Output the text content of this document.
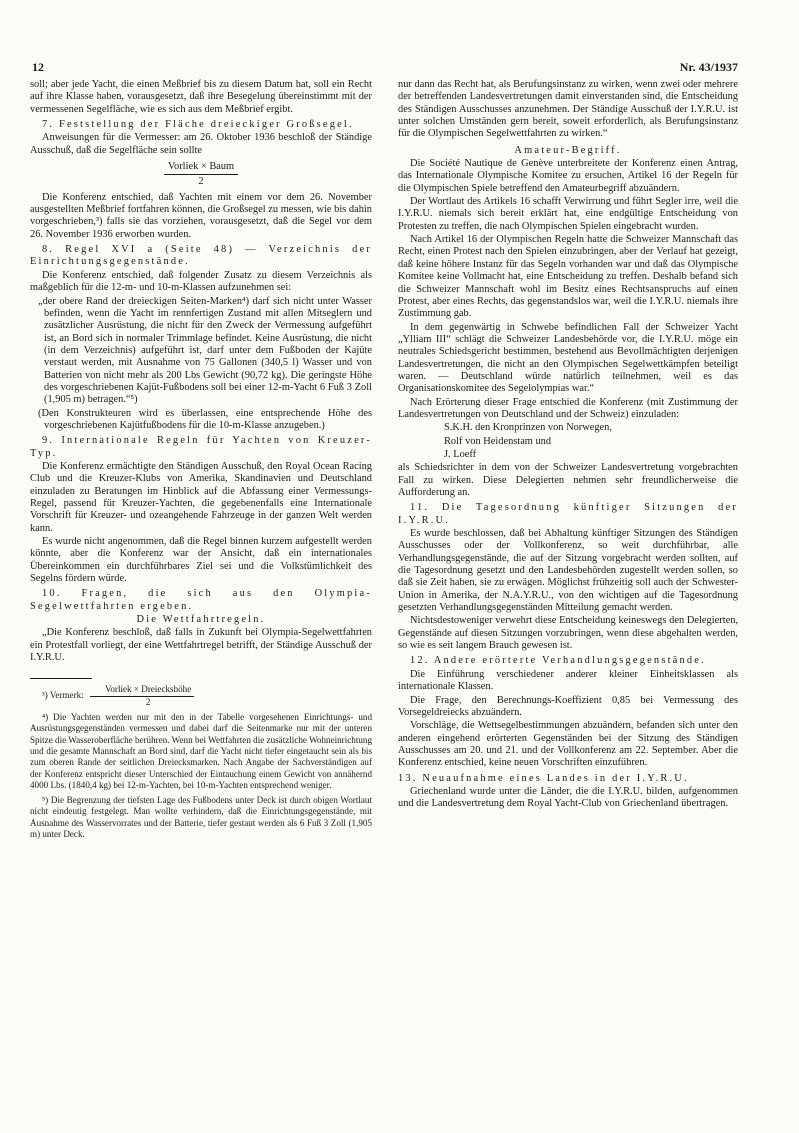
12	Nr. 43/1937

soll; aber jede Yacht, die einen Meßbrief bis zu diesem Datum hat, soll ein Recht auf ihre Klasse haben, vorausgesetzt, daß ihre Besegelung übereinstimmt mit der vermessenen Segelfläche, wie es sich aus dem Meßbrief ergibt.

7. Feststellung der Fläche dreieckiger Großsegel.

Anweisungen für die Vermesser: am 26. Oktober 1936 beschloß der Ständige Ausschuß, daß die Segelfläche sein sollte

Vorliek × Baum
2

Die Konferenz entschied, daß Yachten mit einem vor dem 26. November ausgestellten Meßbrief fortfahren können, die Großsegel zu messen, wie bis dahin vorgeschrieben,³) falls sie das vorziehen, vorausgesetzt, daß die Segel vor dem 26. November 1936 erworben wurden.

8. Regel XVI a (Seite 48) — Verzeichnis der Einrichtungsgegenstände.

Die Konferenz entschied, daß folgender Zusatz zu diesem Verzeichnis als maßgeblich für die 12-m- und 10-m-Klassen aufzunehmen sei:

„der obere Rand der dreieckigen Seiten-Marken⁴) darf sich nicht unter Wasser befinden, wenn die Yacht im rennfertigen Zustand mit allen Mitseglern und zusätzlicher Ausrüstung, die nicht für den Zweck der Vermessung aufgeführt ist, an Bord sich in normaler Trimmlage befindet. Keine Ausrüstung, die nicht (in dem Verzeichnis) aufgeführt ist, darf unter dem Fußboden der Kajüte verstaut werden, mit Ausnahme von 75 Gallonen (340,5 l) Wasser und von Batterien von nicht mehr als 200 Lbs Gewicht (90,72 kg). Die geringste Höhe des vorgeschriebenen Kajüt-Fußbodens soll bei einer 12-m-Yacht 6 Fuß 3 Zoll (1,905 m) betragen.“⁵)

(Den Konstrukteuren wird es überlassen, eine entsprechende Höhe des vorgeschriebenen Kajütfußbodens für die 10-m-Klasse anzugeben.)

9. Internationale Regeln für Yachten von Kreuzer-Typ.

Die Konferenz ermächtigte den Ständigen Ausschuß, den Royal Ocean Racing Club und die Kreuzer-Klubs von Amerika, Skandinavien und Deutschland einzuladen zu Beratungen im Hinblick auf die Abfassung einer Vermessungs-Regel, passend für Kreuzer-Yachten, die gegebenenfalls eine Internationale Vorschrift für Kreuzer- und ozeangehende Fahrzeuge in der ganzen Welt werden kann.

Es wurde nicht angenommen, daß die Regel binnen kurzem aufgestellt werden könnte, aber die Konferenz war der Ansicht, daß ein internationales Übereinkommen ein durchführbares Ziel sei und die Volkstümlichkeit des Segelns fördern würde.

10. Fragen, die sich aus den Olympia-Segelwettfahrten ergeben.

Die Wettfahrtregeln.

„Die Konferenz beschloß, daß falls in Zukunft bei Olympia-Segelwettfahrten ein Protestfall vorliegt, der eine Wettfahrtregel betrifft, der Ständige Ausschuß der I.Y.R.U.

³) Vermerk: $\frac{\text{Vorliek × Dreieckshöhe}}{2}$

⁴) Die Yachten werden nur mit den in der Tabelle vorgesehenen Einrichtungs- und Ausrüstungsgegenständen vermessen und dabei darf die Seitenmarke nur mit der unteren Spitze die Wasseroberfläche berühren. Wenn bei Wettfahrten die zusätzliche Wohneinrichtung und die gesamte Mannschaft an Bord sind, darf die Yacht nicht tiefer eingetaucht sein als bis zum oberen Rande der seitlichen Dreiecksmarken. Nach Angabe der Sachverständigen auf der Konferenz entspricht dieser Unterschied der Eintauchung einem Gewicht von annähernd 4000 Lbs. (1840,4 kg) bei 12-m-Yachten, bei 10-m-Yachten entsprechend weniger.

⁵) Die Begrenzung der tiefsten Lage des Fußbodens unter Deck ist durch obigen Wortlaut nicht eindeutig festgelegt. Man wollte verhindern, daß die Einrichtungsgegenstände, mit Ausnahme des Wasservorrates und der Batterie, tiefer gestaut werden als 6 Fuß 3 Zoll (1,905 m) unter Deck.

nur dann das Recht hat, als Berufungsinstanz zu wirken, wenn zwei oder mehrere der betreffenden Landesvertretungen damit einverstanden sind, die Entscheidung des Ständigen Ausschusses anzunehmen. Der Ständige Ausschuß der I.Y.R.U. ist unter solchen Umständen gern bereit, soweit erforderlich, als Berufungsinstanz für die Olympischen Segelwettfahrten zu wirken.“

Amateur-Begriff.

Die Société Nautique de Genève unterbreitete der Konferenz einen Antrag, das Internationale Olympische Komitee zu ersuchen, Artikel 16 der Regeln für die Olympischen Spiele betreffend den Amateurbegriff abzuändern.

Der Wortlaut des Artikels 16 schafft Verwirrung und führt Segler irre, weil die I.Y.R.U. niemals sich bereit erklärt hat, eine endgültige Entscheidung von Protesten zu treffen, die nach Olympischen Spielen eingebracht wurden.

Nach Artikel 16 der Olympischen Regeln hatte die Schweizer Mannschaft das Recht, einen Protest nach den Spielen einzubringen, aber der Verlauf hat gezeigt, daß keine höhere Instanz für das Segeln vorhanden war und daß das Olympische Komitee keine Vollmacht hat, eine Entscheidung zu treffen. Deshalb befand sich die Schweizer Mannschaft wohl im Besitz eines Rechtsanspruchs auf einen Protest, aber eines Rechts, das gegenstandslos war, weil die I.Y.R.U. niemals ihre Zustimmung gab.

In dem gegenwärtig in Schwebe befindlichen Fall der Schweizer Yacht „Ylliam III“ schlägt die Schweizer Landesbehörde vor, die I.Y.R.U. möge ein neutrales Schiedsgericht bestimmen, bestehend aus Bevollmächtigten derjenigen Landesvertretungen, die nicht an den Olympischen Segelwettkämpfen beteiligt waren. — Deutschland würde natürlich teilnehmen, weil es das Organisationskomitee des Segelolympias war.“

Nach Erörterung dieser Frage entschied die Konferenz (mit Zustimmung der Landesvertretungen von Deutschland und der Schweiz) einzuladen:

S.K.H. den Kronprinzen von Norwegen,

Rolf von Heidenstam und

J. Loeff

als Schiedsrichter in dem von der Schweizer Landesvertretung vorgebrachten Fall zu wirken. Diese Delegierten nehmen sehr freundlicherweise die Aufforderung an.

11. Die Tagesordnung künftiger Sitzungen der I.Y.R.U.

Es wurde beschlossen, daß bei Abhaltung künftiger Sitzungen des Ständigen Ausschusses oder der Vollkonferenz, so weit durchführbar, alle Verhandlungsgegenstände, die auf der Sitzung vorgebracht werden sollten, auf die Tagesordnung gesetzt und den Landesbehörden zugestellt werden sollen, so daß sie Zeit haben, sie zu erwägen. Möglichst frühzeitig soll auch der Schwester-Union in Amerika, der N.A.Y.R.U., von den wichtigen auf die Tagesordnung gesetzten Verhandlungsgegenständen Mitteilung gemacht werden.

Nichtsdestoweniger verwehrt diese Entscheidung keineswegs den Delegierten, Gegenstände auf diesen Sitzungen vorzubringen, wenn diese abgehalten werden, so wie es seit langem Brauch gewesen ist.

12. Andere erörterte Verhandlungsgegenstände.

Die Einführung verschiedener anderer kleiner Einheitsklassen als internationale Klassen.

Die Frage, den Berechnungs-Koeffizient 0,85 bei Vermessung des Vorsegeldreiecks abzuändern.

Vorschläge, die Wettsegelbestimmungen abzuändern, befanden sich unter den anderen eingehend erörterten Gegenständen bei der Sitzung des Ständigen Ausschusses am 20. und 21. und der Vollkonferenz am 22. September. Aber die Konferenz entschied, keine neuen Vorschriften einzuführen.

13. Neuaufnahme eines Landes in der I.Y.R.U.

Griechenland wurde unter die Länder, die die I.Y.R.U. bilden, aufgenommen und die Landesvertretung dem Royal Yacht-Club von Griechenland übertragen.
